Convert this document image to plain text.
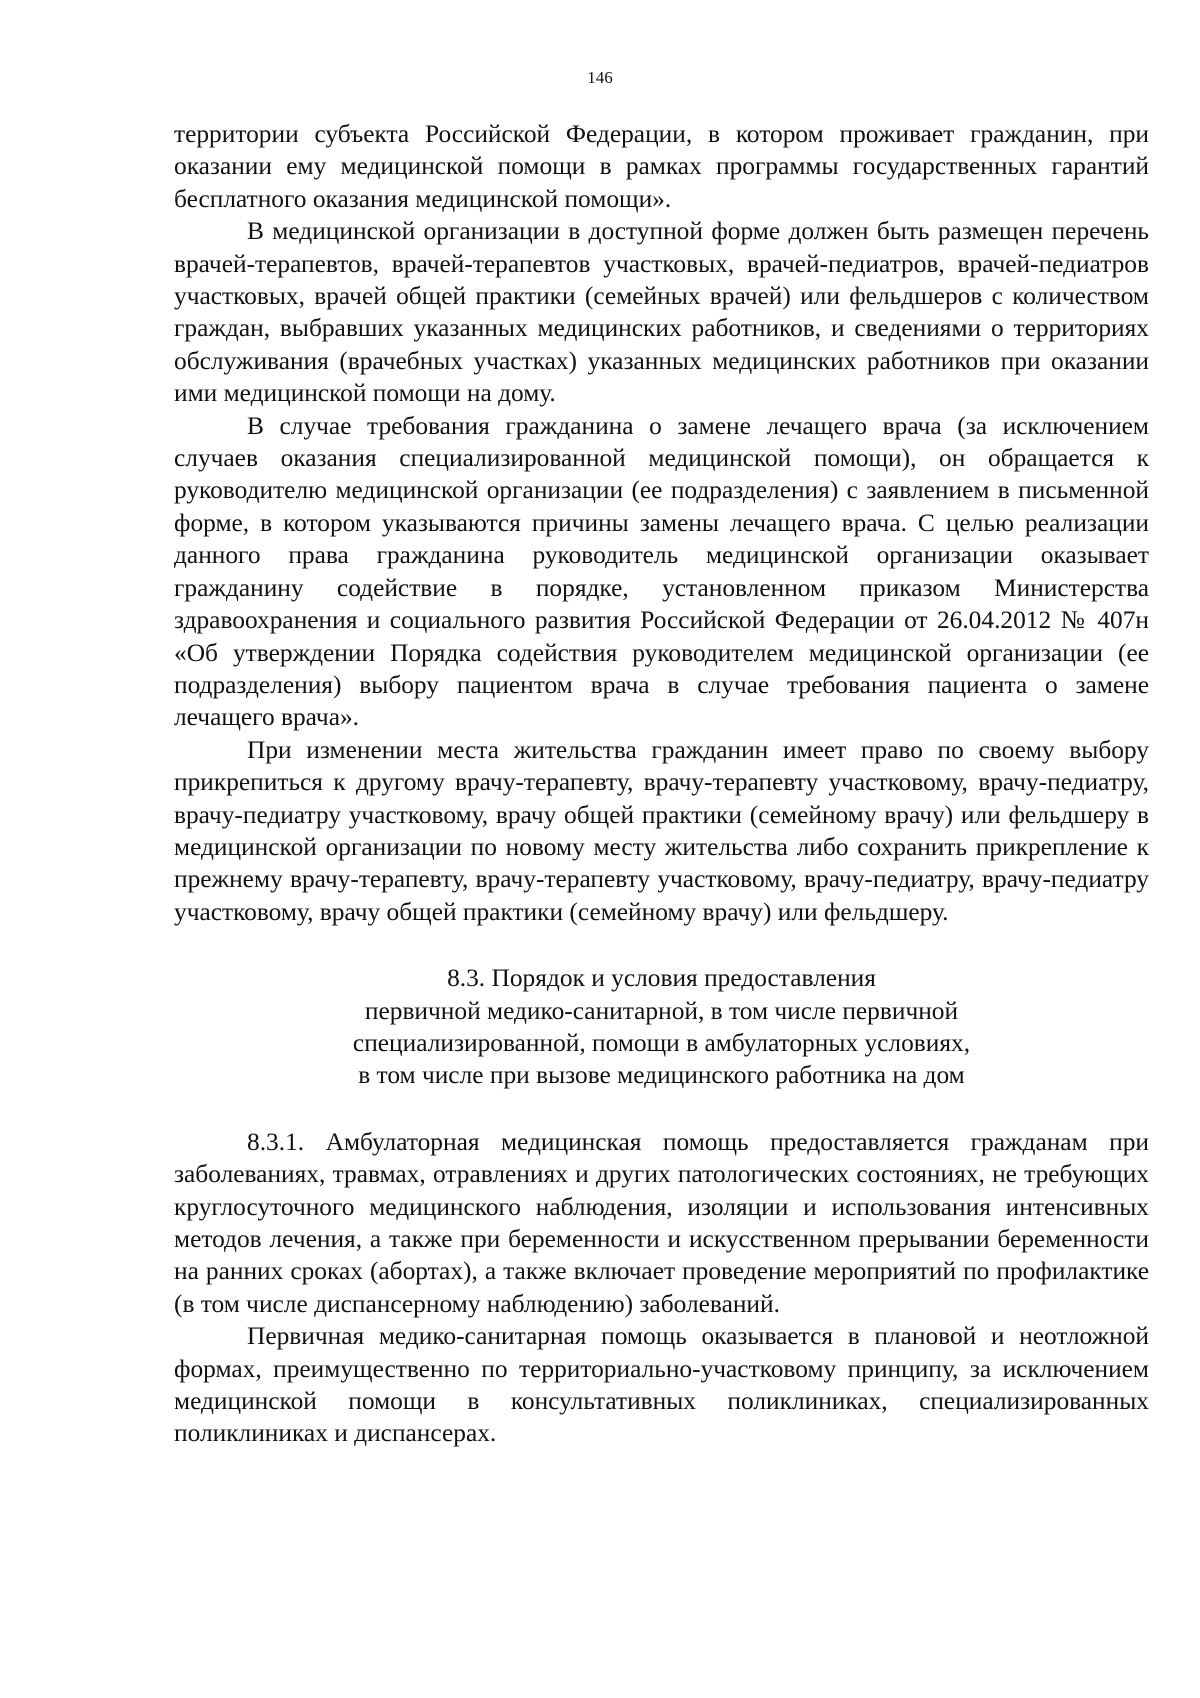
146

территории субъекта Российской Федерации, в котором проживает гражданин, при оказании ему медицинской помощи в рамках программы государственных гарантий бесплатного оказания медицинской помощи».

В медицинской организации в доступной форме должен быть размещен перечень врачей-терапевтов, врачей-терапевтов участковых, врачей-педиатров, врачей-педиатров участковых, врачей общей практики (семейных врачей) или фельдшеров с количеством граждан, выбравших указанных медицинских работников, и сведениями о территориях обслуживания (врачебных участках) указанных медицинских работников при оказании ими медицинской помощи на дому.

В случае требования гражданина о замене лечащего врача (за исключением случаев оказания специализированной медицинской помощи), он обращается к руководителю медицинской организации (ее подразделения) с заявлением в письменной форме, в котором указываются причины замены лечащего врача. С целью реализации данного права гражданина руководитель медицинской организации оказывает гражданину содействие в порядке, установленном приказом Министерства здравоохранения и социального развития Российской Федерации от 26.04.2012 № 407н «Об утверждении Порядка содействия руководителем медицинской организации (ее подразделения) выбору пациентом врача в случае требования пациента о замене лечащего врача».

При изменении места жительства гражданин имеет право по своему выбору прикрепиться к другому врачу-терапевту, врачу-терапевту участковому, врачу-педиатру, врачу-педиатру участковому, врачу общей практики (семейному врачу) или фельдшеру в медицинской организации по новому месту жительства либо сохранить прикрепление к прежнему врачу-терапевту, врачу-терапевту участковому, врачу-педиатру, врачу-педиатру участковому, врачу общей практики (семейному врачу) или фельдшеру.

8.3. Порядок и условия предоставления
первичной медико-санитарной, в том числе первичной
специализированной, помощи в амбулаторных условиях,
в том числе при вызове медицинского работника на дом

8.3.1. Амбулаторная медицинская помощь предоставляется гражданам при заболеваниях, травмах, отравлениях и других патологических состояниях, не требующих круглосуточного медицинского наблюдения, изоляции и использования интенсивных методов лечения, а также при беременности и искусственном прерывании беременности на ранних сроках (абортах), а также включает проведение мероприятий по профилактике (в том числе диспансерному наблюдению) заболеваний.

Первичная медико-санитарная помощь оказывается в плановой и неотложной формах, преимущественно по территориально-участковому принципу, за исключением медицинской помощи в консультативных поликлиниках, специализированных поликлиниках и диспансерах.
